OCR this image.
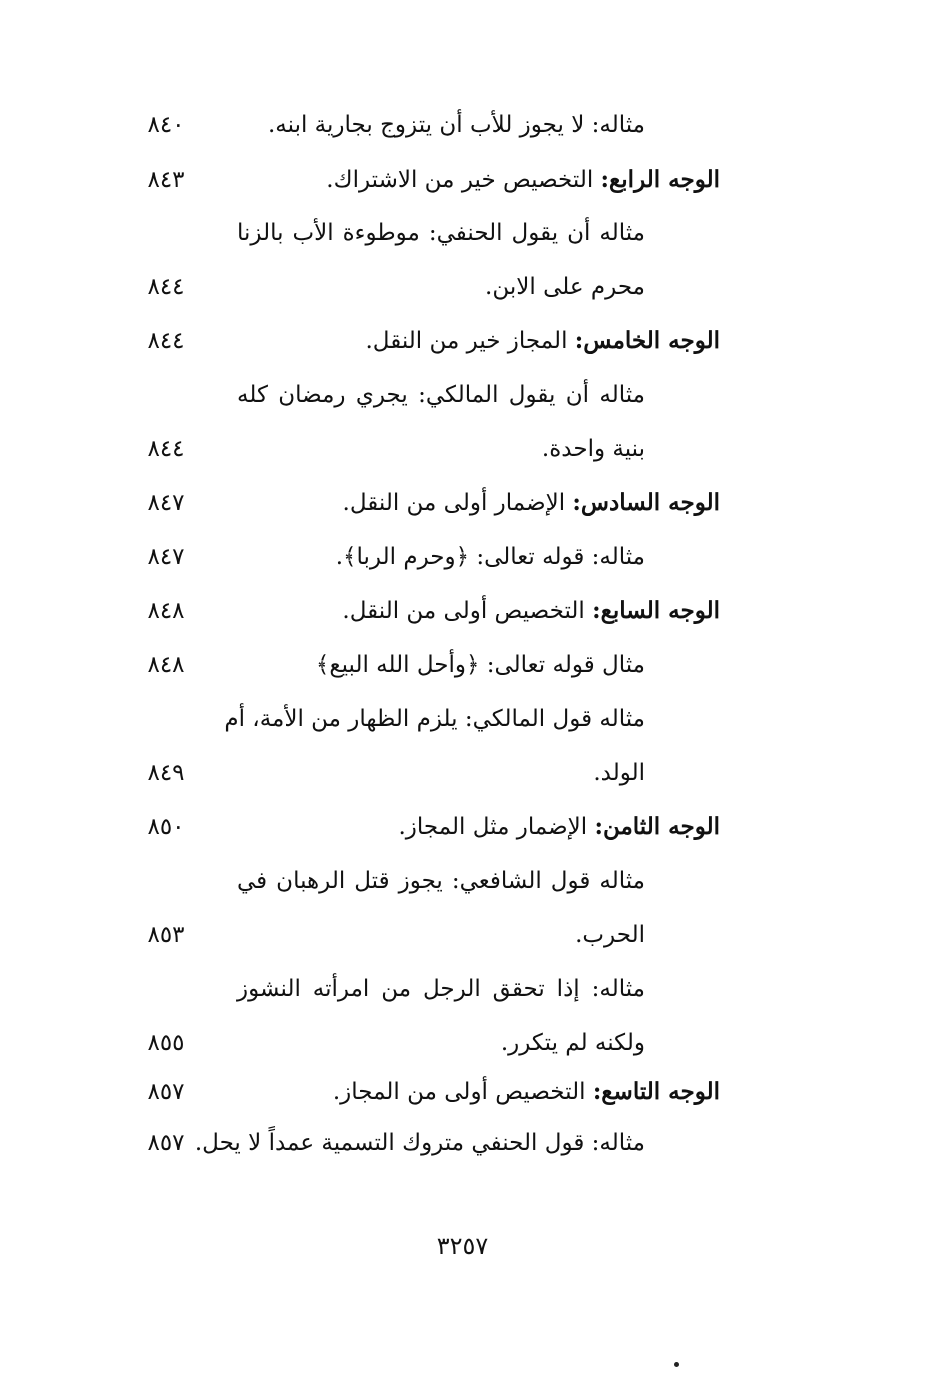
مثاله: لا يجوز للأب أن يتزوج بجارية ابنه.
٨٤٠
الوجه الرابع: التخصيص خير من الاشتراك.
٨٤٣
مثاله أن يقول الحنفي: موطوءة الأب بالزنا
محرم على الابن.
٨٤٤
الوجه الخامس: المجاز خير من النقل.
٨٤٤
مثاله أن يقول المالكي: يجري رمضان كله
بنية واحدة.
٨٤٤
الوجه السادس: الإضمار أولى من النقل.
٨٤٧
مثاله: قوله تعالى: ﴿وحرم الربا﴾.
٨٤٧
الوجه السابع: التخصيص أولى من النقل.
٨٤٨
مثال قوله تعالى: ﴿وأحل الله البيع﴾
٨٤٨
مثاله قول المالكي: يلزم الظهار من الأمة، أم
الولد.
٨٤٩
الوجه الثامن: الإضمار مثل المجاز.
٨٥٠
مثاله قول الشافعي: يجوز قتل الرهبان في
الحرب.
٨٥٣
مثاله: إذا تحقق الرجل من امرأته النشوز
ولكنه لم يتكرر.
٨٥٥
الوجه التاسع: التخصيص أولى من المجاز.
٨٥٧
مثاله: قول الحنفي متروك التسمية عمداً لا يحل.
٨٥٧
٣٢٥٧
